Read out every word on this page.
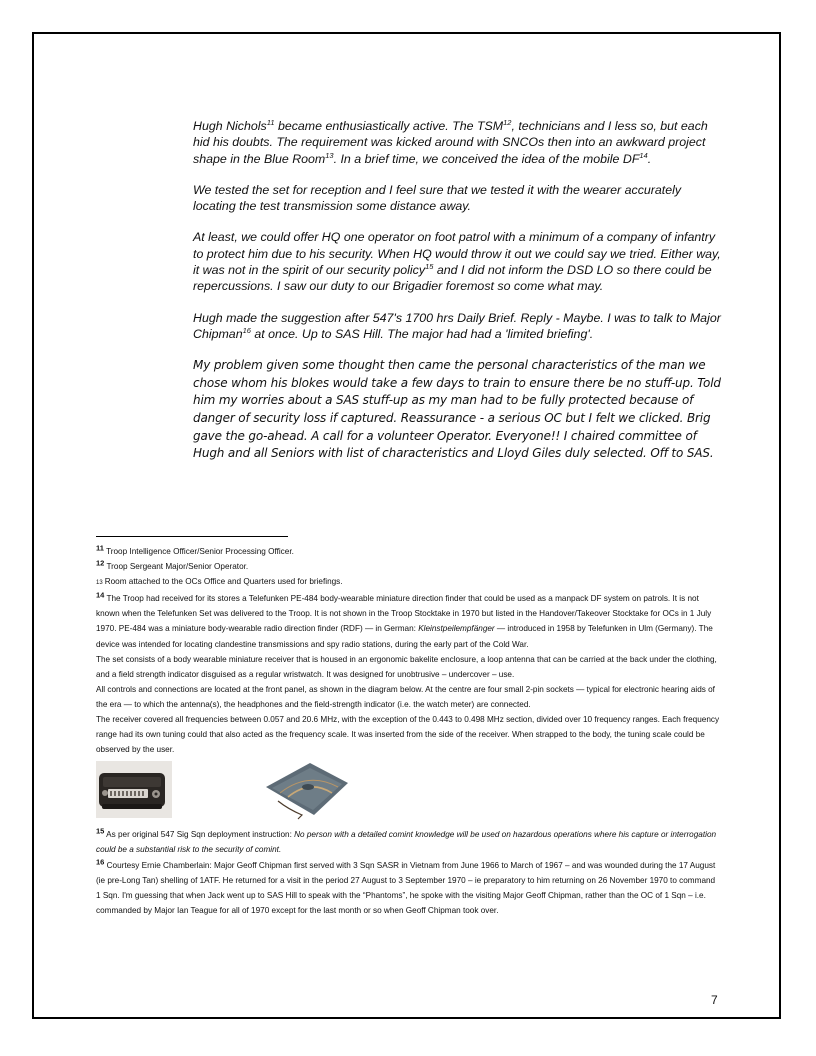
Hugh Nichols$^{11}$ became enthusiastically active. The TSM$^{12}$, technicians and I less so, but each hid his doubts. The requirement was kicked around with SNCOs then into an awkward project shape in the Blue Room$^{13}$. In a brief time, we conceived the idea of the mobile DF$^{14}$.

We tested the set for reception and I feel sure that we tested it with the wearer accurately locating the test transmission some distance away.

At least, we could offer HQ one operator on foot patrol with a minimum of a company of infantry to protect him due to his security. When HQ would throw it out we could say we tried. Either way, it was not in the spirit of our security policy$^{15}$ and I did not inform the DSD LO so there could be repercussions. I saw our duty to our Brigadier foremost so come what may.

Hugh made the suggestion after 547's 1700 hrs Daily Brief. Reply - Maybe. I was to talk to Major Chipman$^{16}$ at once. Up to SAS Hill. The major had had a 'limited briefing'.

My problem given some thought then came the personal characteristics of the man we chose whom his blokes would take a few days to train to ensure there be no stuff-up. Told him my worries about a SAS stuff-up as my man had to be fully protected because of danger of security loss if captured. Reassurance - a serious OC but I felt we clicked. Brig gave the go-ahead. A call for a volunteer Operator. Everyone!! I chaired committee of Hugh and all Seniors with list of characteristics and Lloyd Giles duly selected. Off to SAS.

$^{11}$ Troop Intelligence Officer/Senior Processing Officer.

$^{12}$ Troop Sergeant Major/Senior Operator.

13 Room attached to the OCs Office and Quarters used for briefings.

$^{14}$ The Troop had received for its stores a Telefunken PE-484 body-wearable miniature direction finder that could be used as a manpack DF system on patrols. It is not known when the Telefunken Set was delivered to the Troop. It is not shown in the Troop Stocktake in 1970 but listed in the Handover/Takeover Stocktake for OCs in 1 July 1970. PE-484 was a miniature body-wearable radio direction finder (RDF) — in German: Kleinstpeilempfänger — introduced in 1958 by Telefunken in Ulm (Germany). The device was intended for locating clandestine transmissions and spy radio stations, during the early part of the Cold War.

The set consists of a body wearable miniature receiver that is housed in an ergonomic bakelite enclosure, a loop antenna that can be carried at the back under the clothing, and a field strength indicator disguised as a regular wristwatch. It was designed for unobtrusive – undercover – use.

All controls and connections are located at the front panel, as shown in the diagram below. At the centre are four small 2-pin sockets — typical for electronic hearing aids of the era — to which the antenna(s), the headphones and the field-strength indicator (i.e. the watch meter) are connected.

The receiver covered all frequencies between 0.057 and 20.6 MHz, with the exception of the 0.443 to 0.498 MHz section, divided over 10 frequency ranges. Each frequency range had its own tuning could that also acted as the frequency scale. It was inserted from the side of the receiver. When strapped to the body, the tuning scale could be observed by the user.

$^{15}$ As per original 547 Sig Sqn deployment instruction: No person with a detailed comint knowledge will be used on hazardous operations where his capture or interrogation could be a substantial risk to the security of comint.

$^{16}$ Courtesy Ernie Chamberlain: Major Geoff Chipman first served with 3 Sqn SASR in Vietnam from June 1966 to March of 1967 – and was wounded during the 17 August (ie pre-Long Tan) shelling of 1ATF. He returned for a visit in the period 27 August to 3 September 1970 – ie preparatory to him returning on 26 November 1970 to command 1 Sqn. I'm guessing that when Jack went up to SAS Hill to speak with the “Phantoms”, he spoke with the visiting Major Geoff Chipman, rather than the OC of 1 Sqn – i.e. commanded by Major Ian Teague for all of 1970 except for the last month or so when Geoff Chipman took over.

7
